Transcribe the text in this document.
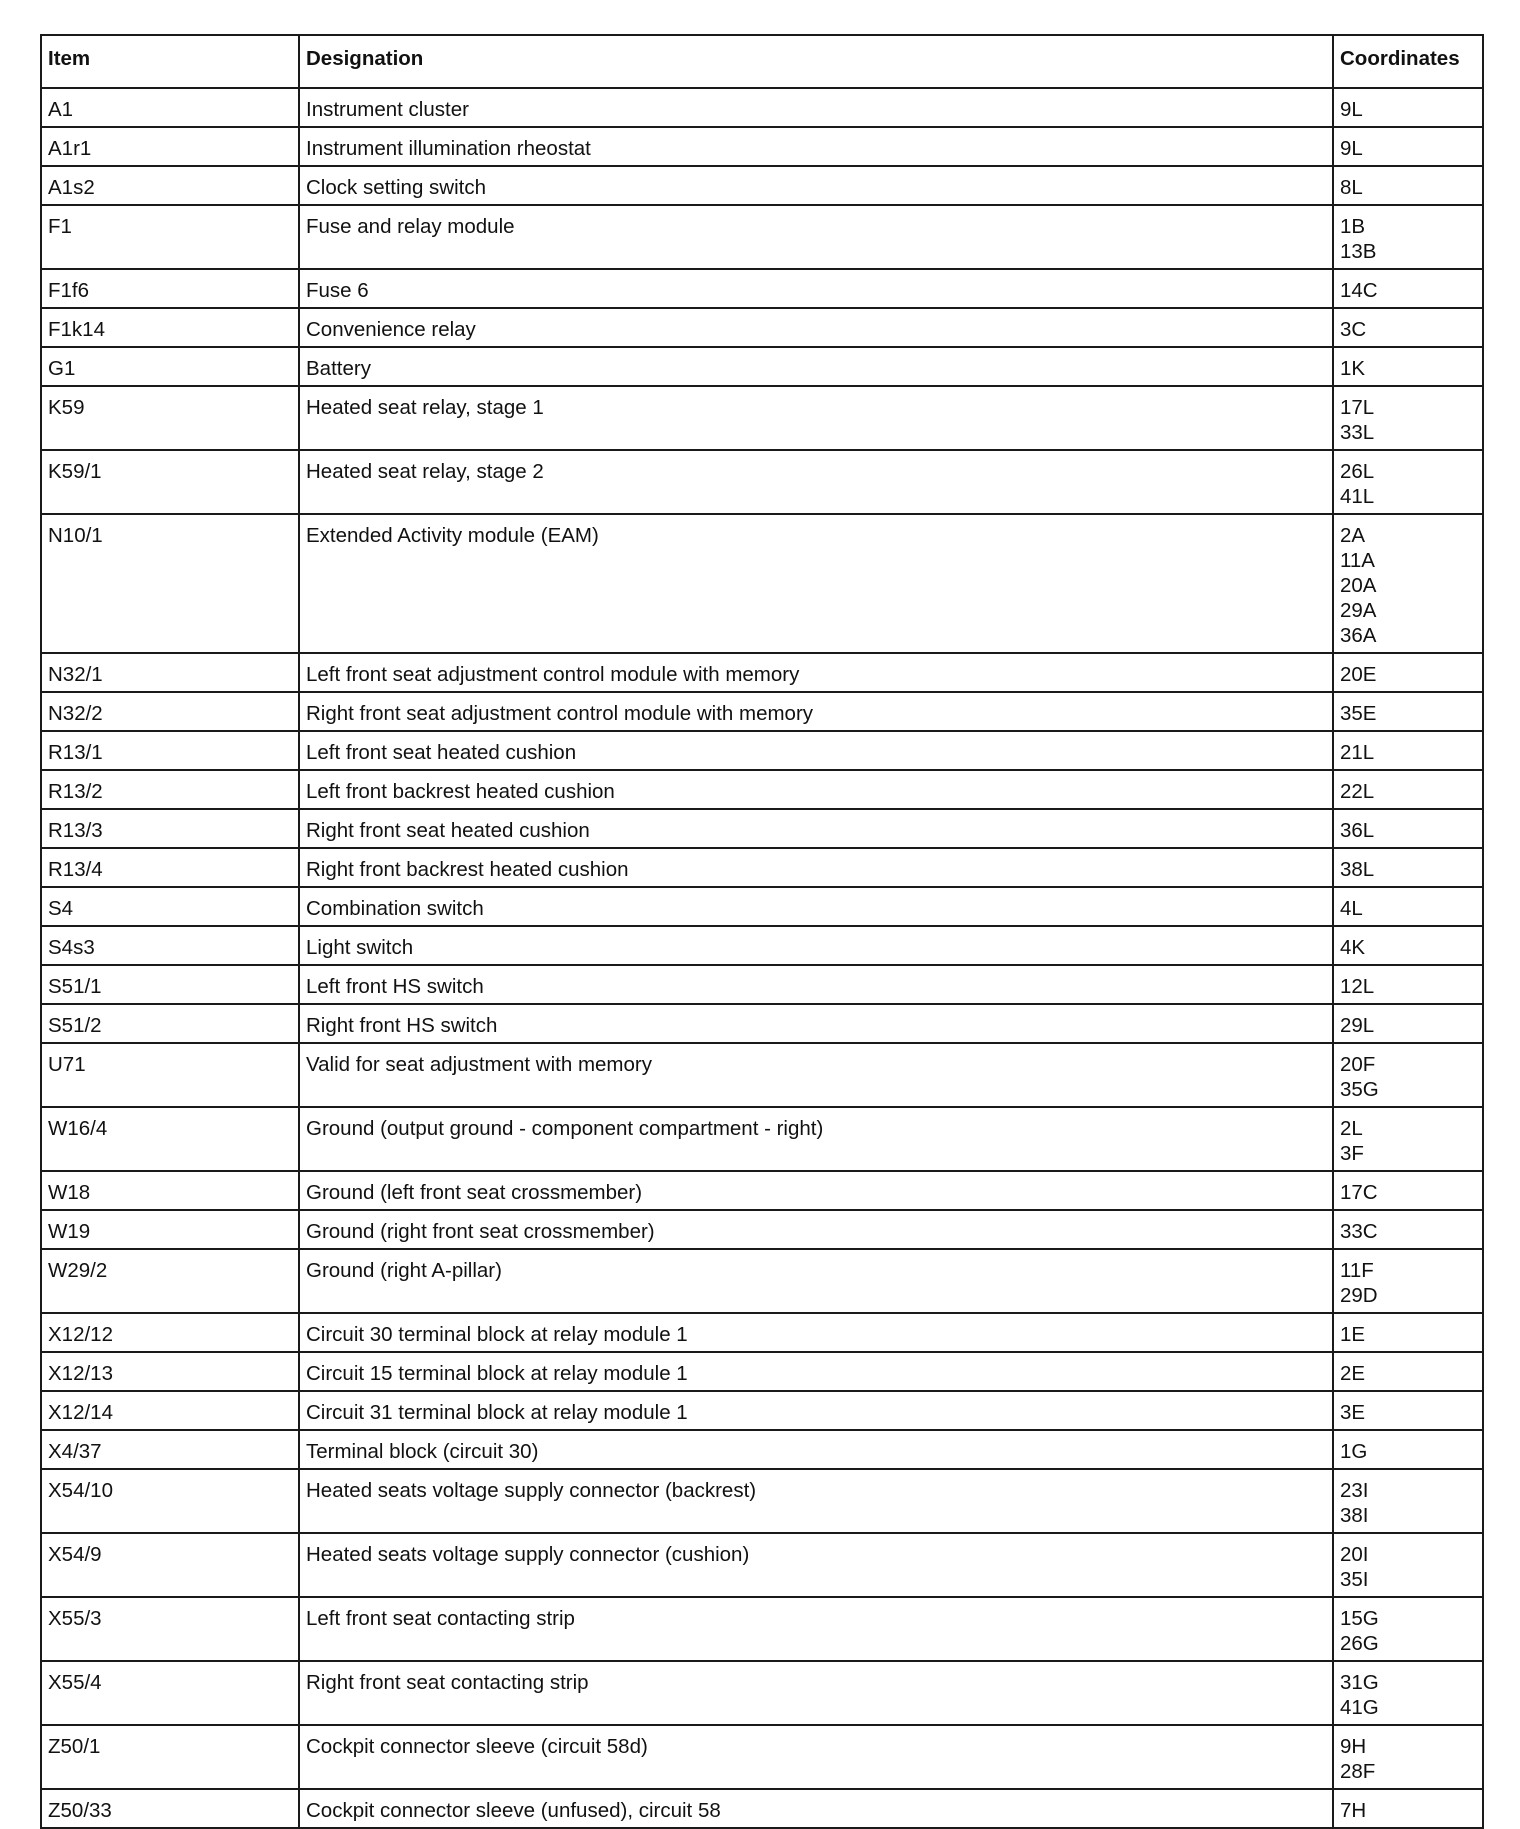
Item	Designation	Coordinates
A1	Instrument cluster	9L

A1r1	Instrument illumination rheostat	9L

A1s2	Clock setting switch	8L

F1	Fuse and relay module	1B
13B

F1f6	Fuse 6	14C

F1k14	Convenience relay	3C

G1	Battery	1K

K59	Heated seat relay, stage 1	17L
33L

K59/1	Heated seat relay, stage 2	26L
41L

N10/1	Extended Activity module (EAM)	2A
11A
20A
29A
36A

N32/1	Left front seat adjustment control module with memory	20E

N32/2	Right front seat adjustment control module with memory	35E

R13/1	Left front seat heated cushion	21L

R13/2	Left front backrest heated cushion	22L

R13/3	Right front seat heated cushion	36L

R13/4	Right front backrest heated cushion	38L

S4	Combination switch	4L

S4s3	Light switch	4K

S51/1	Left front HS switch	12L

S51/2	Right front HS switch	29L

U71	Valid for seat adjustment with memory	20F
35G

W16/4	Ground (output ground - component compartment - right)	2L
3F

W18	Ground (left front seat crossmember)	17C

W19	Ground (right front seat crossmember)	33C

W29/2	Ground (right A-pillar)	11F
29D

X12/12	Circuit 30 terminal block at relay module 1	1E

X12/13	Circuit 15 terminal block at relay module 1	2E

X12/14	Circuit 31 terminal block at relay module 1	3E

X4/37	Terminal block (circuit 30)	1G

X54/10	Heated seats voltage supply connector (backrest)	23I
38I

X54/9	Heated seats voltage supply connector (cushion)	20I
35I

X55/3	Left front seat contacting strip	15G
26G

X55/4	Right front seat contacting strip	31G
41G

Z50/1	Cockpit connector sleeve (circuit 58d)	9H
28F

Z50/33	Cockpit connector sleeve (unfused), circuit 58	7H
